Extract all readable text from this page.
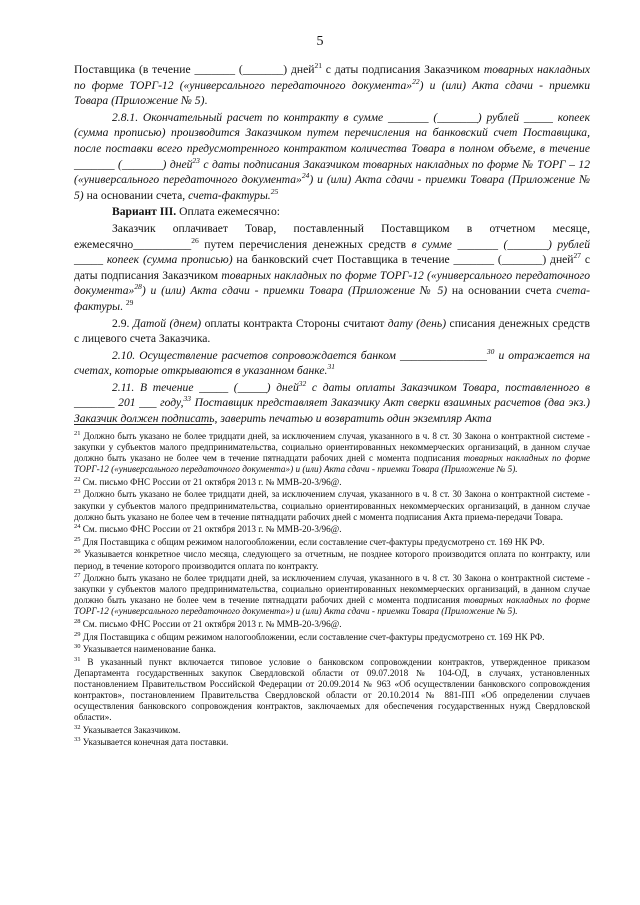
5

Поставщика (в течение _______ (_______) дней$^{21}$ с даты подписания Заказчиком товарных накладных по форме ТОРГ-12 («универсального передаточного документа»$^{22}$) и (или) Акта сдачи - приемки Товара (Приложение № 5).

2.8.1. Окончательный расчет по контракту в сумме _______ (_______) рублей _____ копеек (сумма прописью) производится Заказчиком путем перечисления на банковский счет Поставщика, после поставки всего предусмотренного контрактом количества Товара в полном объеме, в течение _______ (_______) дней$^{23}$ с даты подписания Заказчиком товарных накладных по форме № ТОРГ – 12 («универсального передаточного документа»$^{24}$) и (или) Акта сдачи - приемки Товара (Приложение № 5) на основании счета, счета-фактуры.$^{25}$

Вариант III. Оплата ежемесячно:

Заказчик оплачивает Товар, поставленный Поставщиком в отчетном месяце, ежемесячно__________$^{26}$ путем перечисления денежных средств в сумме _______ (_______) рублей _____ копеек (сумма прописью) на банковский счет Поставщика в течение _______ (_______) дней$^{27}$ с даты подписания Заказчиком товарных накладных по форме ТОРГ-12 («универсального передаточного документа»$^{28}$) и (или) Акта сдачи - приемки Товара (Приложение № 5) на основании счета счета-фактуры. $^{29}$

2.9. Датой (днем) оплаты контракта Стороны считают дату (день) списания денежных средств с лицевого счета Заказчика.

2.10. Осуществление расчетов сопровождается банком _______________$^{30}$ и отражается на счетах, которые открываются в указанном банке.$^{31}$

2.11. В течение _____ (_____) дней$^{32}$ с даты оплаты Заказчиком Товара, поставленного в _______ 201 ___ году,$^{33}$ Поставщик представляет Заказчику Акт сверки взаимных расчетов (два экз.) Заказчик должен подписать, заверить печатью и возвратить один экземпляр Акта

$^{21}$ Должно быть указано не более тридцати дней, за исключением случая, указанного в ч. 8 ст. 30 Закона о контрактной системе - закупки у субъектов малого предпринимательства, социально ориентированных некоммерческих организаций, в данном случае должно быть указано не более чем в течение пятнадцати рабочих дней с момента подписания товарных накладных по форме ТОРГ-12 («универсального передаточного документа») и (или) Акта сдачи - приемки Товара (Приложение № 5).

$^{22}$ См. письмо ФНС России от 21 октября 2013 г. № ММВ-20-3/96@.

$^{23}$ Должно быть указано не более тридцати дней, за исключением случая, указанного в ч. 8 ст. 30 Закона о контрактной системе - закупки у субъектов малого предпринимательства, социально ориентированных некоммерческих организаций, в данном случае должно быть указано не более чем в течение пятнадцати рабочих дней с момента подписания Акта приема-передачи Товара.

$^{24}$ См. письмо ФНС России от 21 октября 2013 г. № ММВ-20-3/96@.

$^{25}$ Для Поставщика с общим режимом налогообложении, если составление счет-фактуры предусмотрено ст. 169 НК РФ.

$^{26}$ Указывается конкретное число месяца, следующего за отчетным, не позднее которого производится оплата по контракту, или период, в течение которого производится оплата по контракту.

$^{27}$ Должно быть указано не более тридцати дней, за исключением случая, указанного в ч. 8 ст. 30 Закона о контрактной системе - закупки у субъектов малого предпринимательства, социально ориентированных некоммерческих организаций, в данном случае должно быть указано не более чем в течение пятнадцати рабочих дней с момента подписания товарных накладных по форме ТОРГ-12 («универсального передаточного документа») и (или) Акта сдачи - приемки Товара (Приложение № 5).

$^{28}$ См. письмо ФНС России от 21 октября 2013 г. № ММВ-20-3/96@.

$^{29}$ Для Поставщика с общим режимом налогообложении, если составление счет-фактуры предусмотрено ст. 169 НК РФ.

$^{30}$ Указывается наименование банка.

$^{31}$ В указанный пункт включается типовое условие о банковском сопровождении контрактов, утвержденное приказом Департамента государственных закупок Свердловской области от 09.07.2018 № 104-ОД, в случаях, установленных постановлением Правительством Российской Федерации от 20.09.2014 № 963 «Об осуществлении банковского сопровождения контрактов», постановлением Правительства Свердловской области от 20.10.2014 № 881-ПП «Об определении случаев осуществления банковского сопровождения контрактов, заключаемых для обеспечения государственных нужд Свердловской области».

$^{32}$ Указывается Заказчиком.

$^{33}$ Указывается конечная дата поставки.
